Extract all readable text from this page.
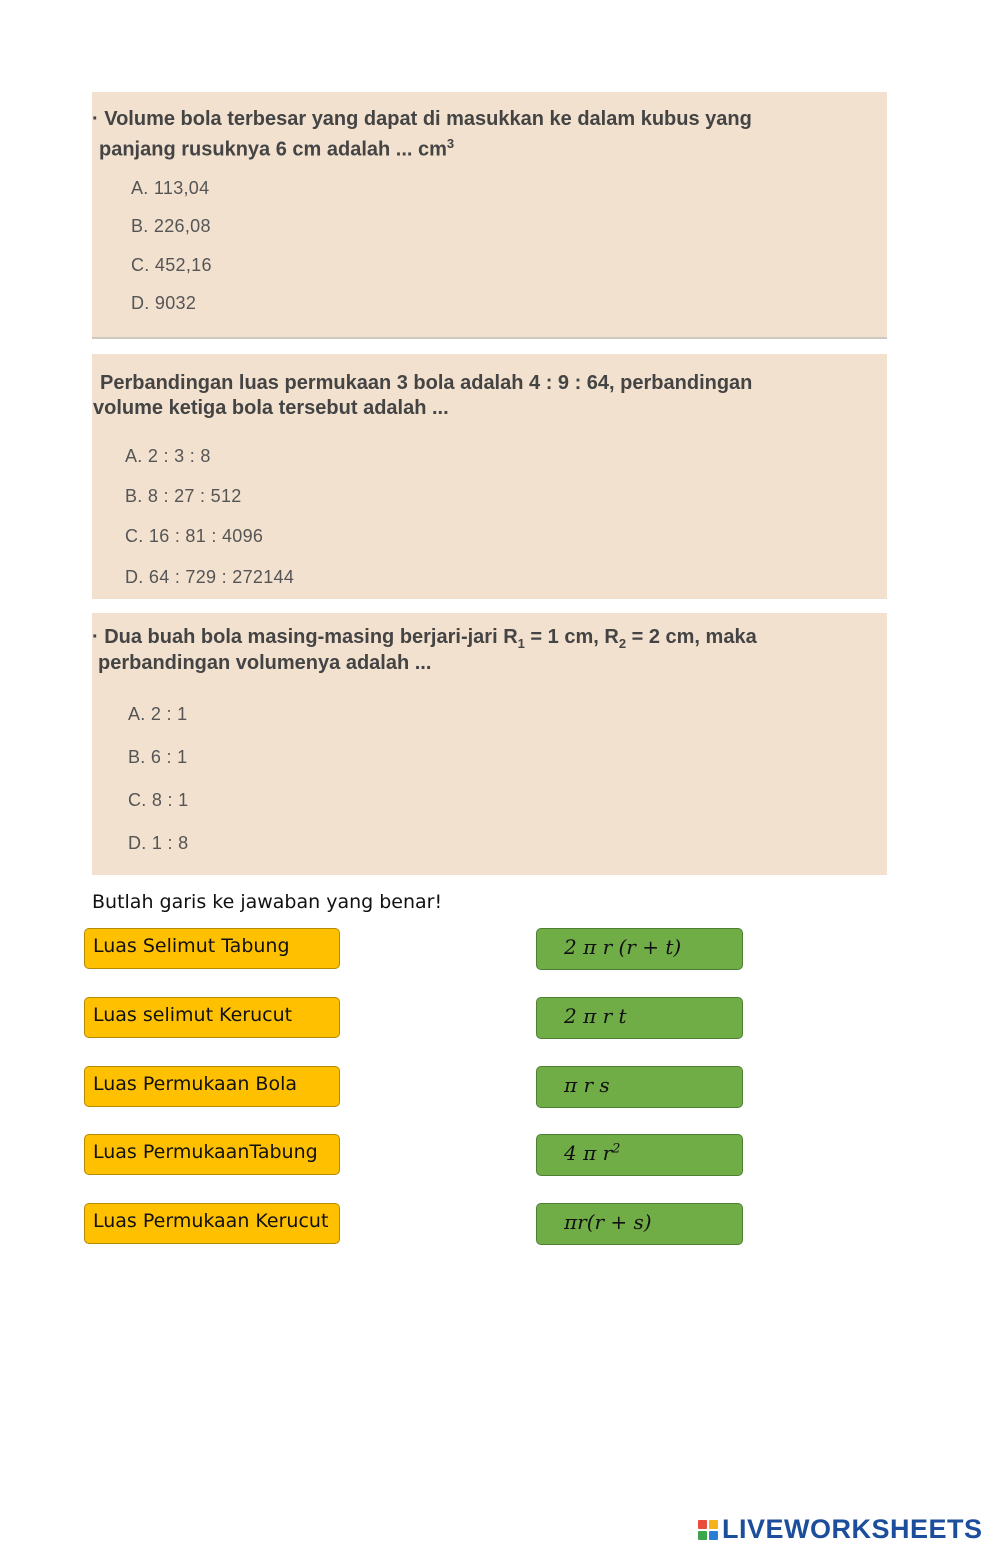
· Volume bola terbesar yang dapat di masukkan ke dalam kubus yang
panjang rusuknya 6 cm adalah ... $cm^3$
A. 113,04
B. 226,08
C. 452,16
D. 9032
Perbandingan luas permukaan 3 bola adalah 4 : 9 : 64, perbandingan
volume ketiga bola tersebut adalah ...
A. 2 : 3 : 8
B. 8 : 27 : 512
C. 16 : 81 : 4096
D. 64 : 729 : 272144
· Dua buah bola masing-masing berjari-jari $R_1 = 1$ cm, $R_2 = 2$ cm, maka
perbandingan volumenya adalah ...
A. 2 : 1
B. 6 : 1
C. 8 : 1
D. 1 : 8
Butlah garis ke jawaban yang benar!
Luas Selimut Tabung
Luas selimut Kerucut
Luas Permukaan Bola
Luas PermukaanTabung
Luas Permukaan Kerucut
2 π r (r + t)
2 π r t
π r s
4 π $r^2$
πr(r + s)
LIVEWORKSHEETS
